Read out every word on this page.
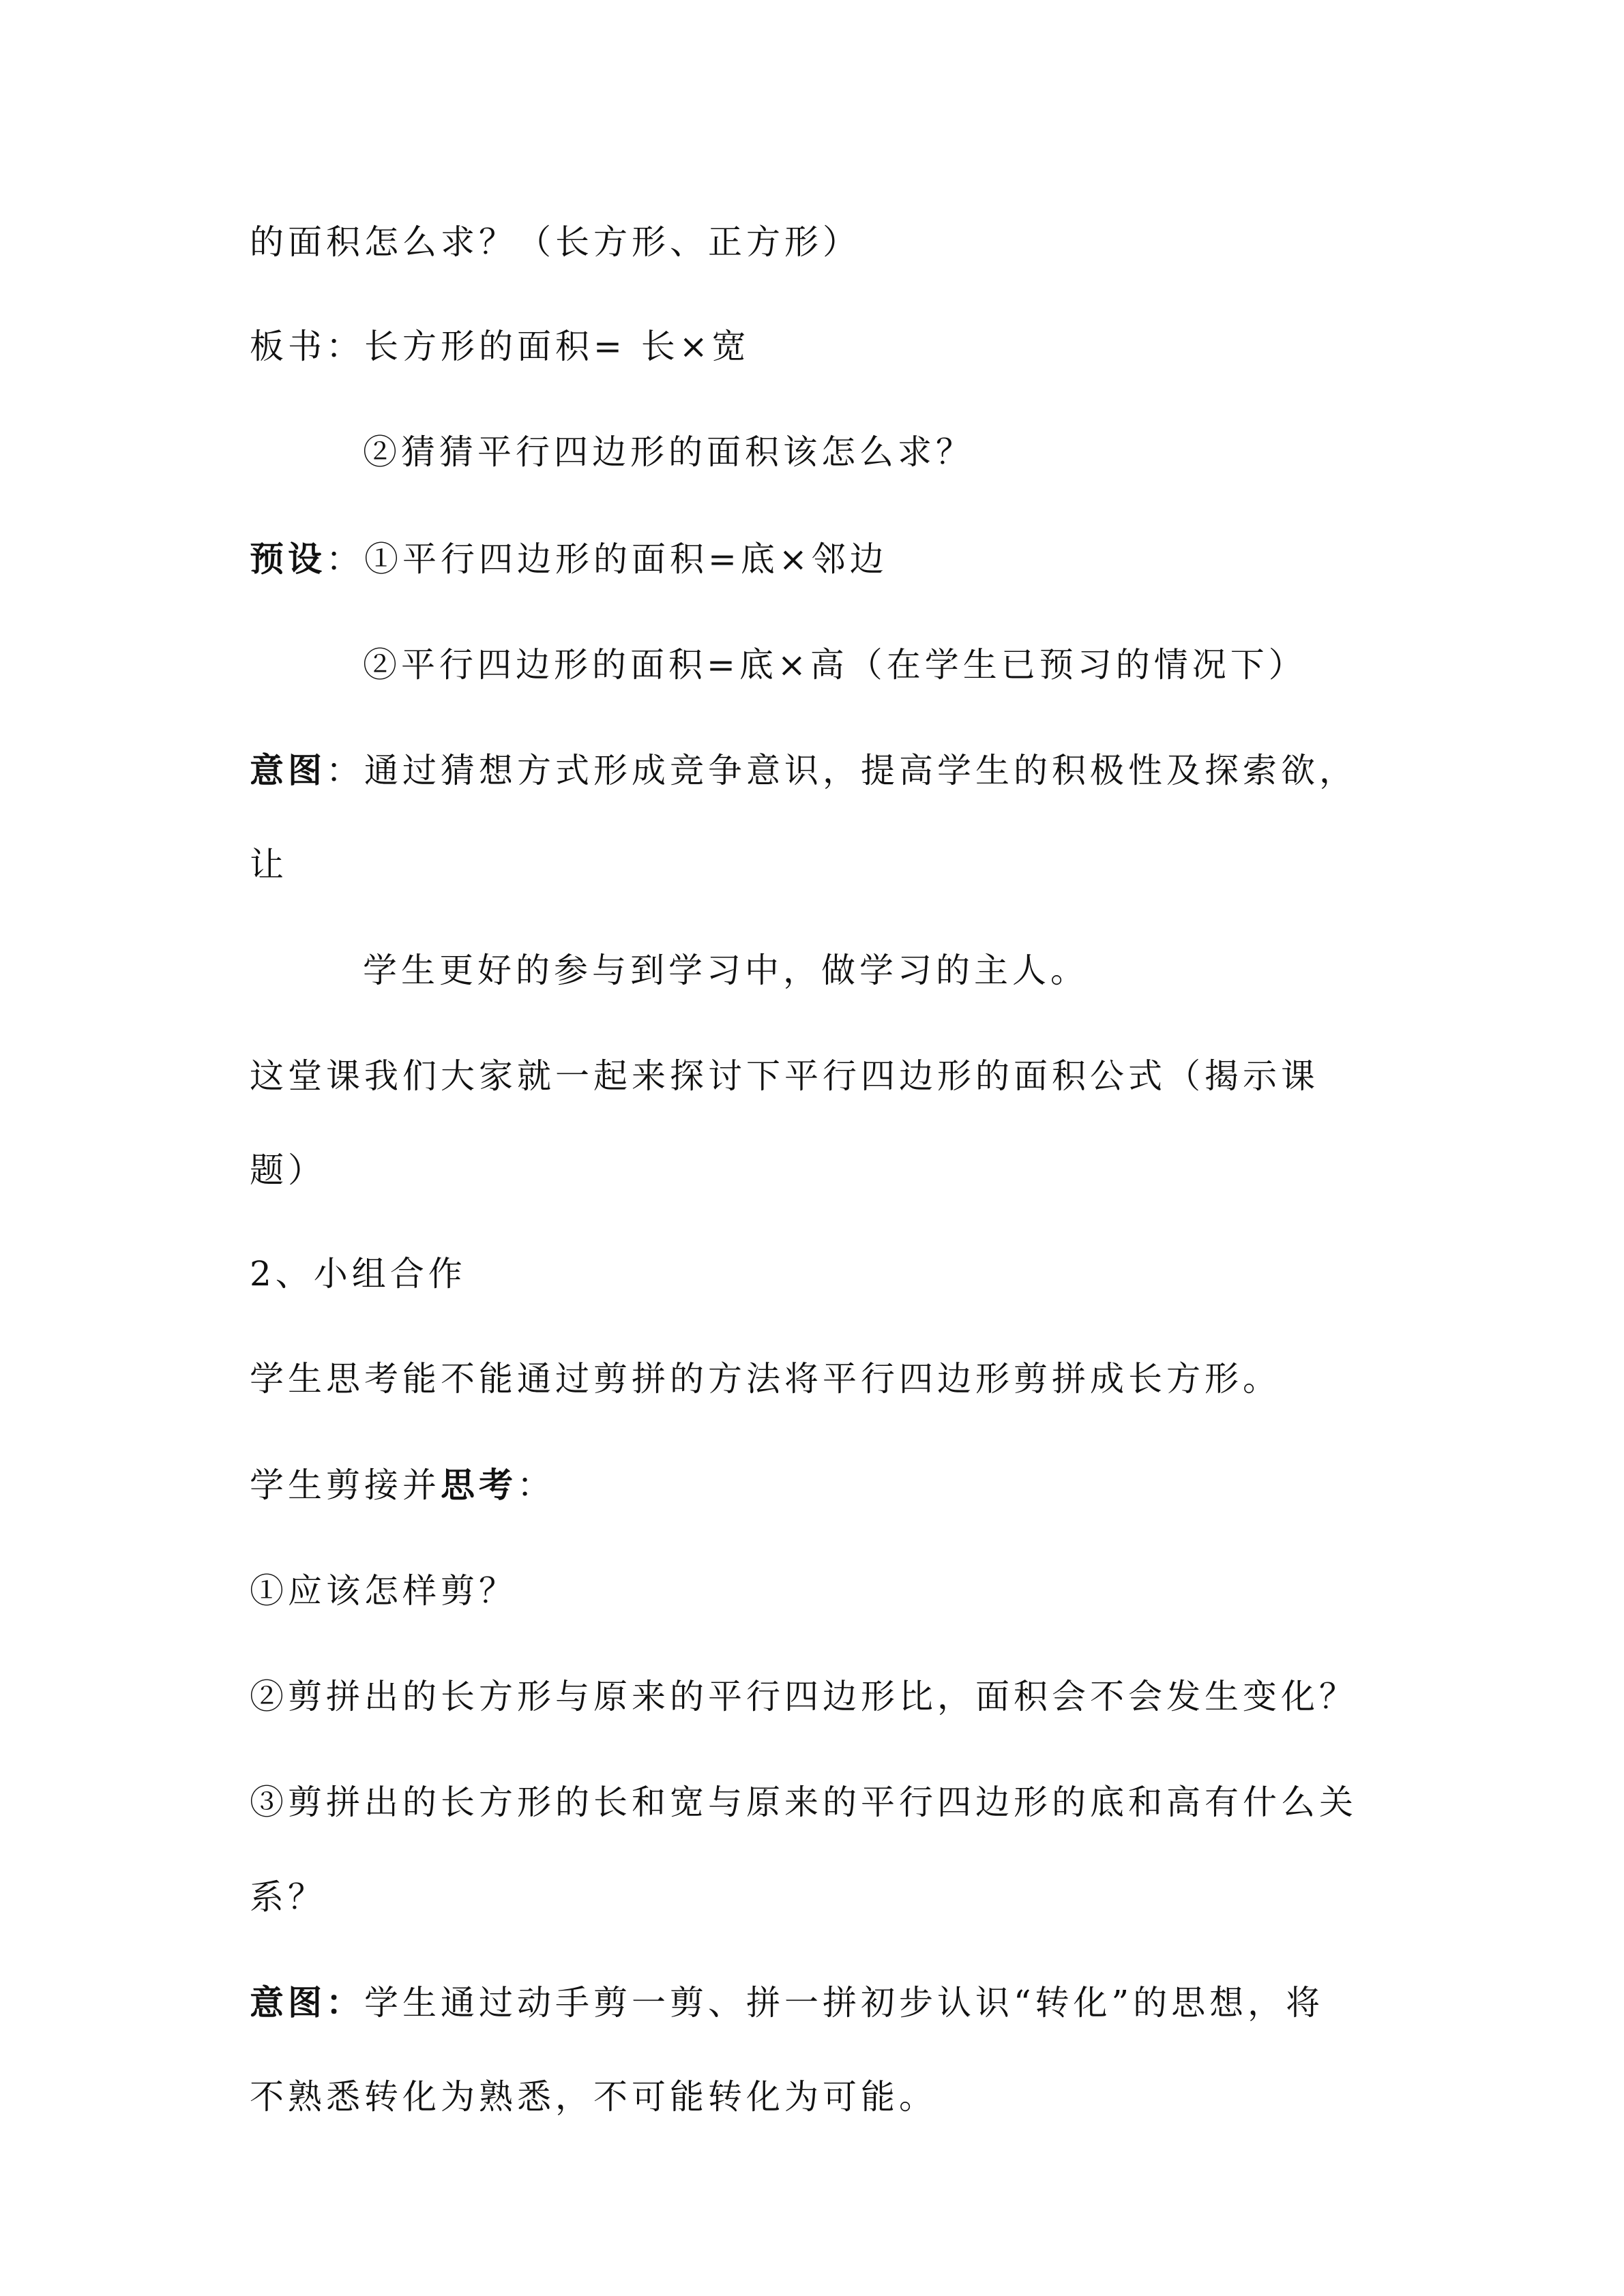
的面积怎么求？（长方形、正方形）
板书：长方形的面积= 长×宽
②猜猜平行四边形的面积该怎么求？
预设：①平行四边形的面积=底×邻边
②平行四边形的面积=底×高（在学生已预习的情况下）
意图：通过猜想方式形成竞争意识，提高学生的积极性及探索欲，
让
学生更好的参与到学习中，做学习的主人。
这堂课我们大家就一起来探讨下平行四边形的面积公式（揭示课
题）
2、小组合作
学生思考能不能通过剪拼的方法将平行四边形剪拼成长方形。
学生剪接并思考：
①应该怎样剪？
②剪拼出的长方形与原来的平行四边形比，面积会不会发生变化？
③剪拼出的长方形的长和宽与原来的平行四边形的底和高有什么关
系？
意图：学生通过动手剪一剪、拼一拼初步认识“转化”的思想，将
不熟悉转化为熟悉，不可能转化为可能。
